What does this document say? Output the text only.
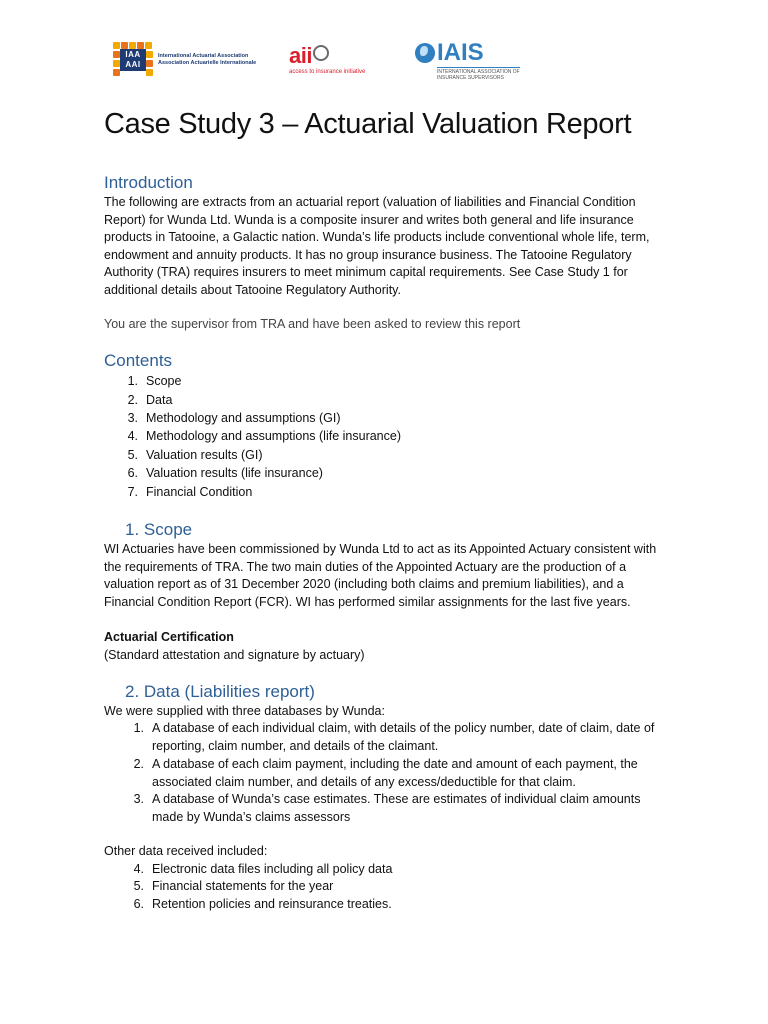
IAA AAI
International Actuarial Association
Association Actuarielle Internationale aii
access to insurance initiative
IAIS
INTERNATIONAL ASSOCIATION OF
INSURANCE SUPERVISORS
Case Study 3 – Actuarial Valuation Report
Introduction

The following are extracts from an actuarial report (valuation of liabilities and Financial Condition Report) for Wunda Ltd. Wunda is a composite insurer and writes both general and life insurance products in Tatooine, a Galactic nation. Wunda’s life products include conventional whole life, term, endowment and annuity products. It has no group insurance business. The Tatooine Regulatory Authority (TRA) requires insurers to meet minimum capital requirements. See Case Study 1 for additional details about Tatooine Regulatory Authority.

You are the supervisor from TRA and have been asked to review this report

Contents
1. Scope
2. Data
3. Methodology and assumptions (GI)
4. Methodology and assumptions (life insurance)
5. Valuation results (GI)
6. Valuation results (life insurance)
7. Financial Condition
1. Scope

WI Actuaries have been commissioned by Wunda Ltd to act as its Appointed Actuary consistent with the requirements of TRA. The two main duties of the Appointed Actuary are the production of a valuation report as of 31 December 2020 (including both claims and premium liabilities), and a Financial Condition Report (FCR). WI has performed similar assignments for the last five years.

Actuarial Certification

(Standard attestation and signature by actuary)

2. Data (Liabilities report)

We were supplied with three databases by Wunda:

1. A database of each individual claim, with details of the policy number, date of claim, date of reporting, claim number, and details of the claimant.
2. A database of each claim payment, including the date and amount of each payment, the associated claim number, and details of any excess/deductible for that claim.
3. A database of Wunda’s case estimates. These are estimates of individual claim amounts made by Wunda’s claims assessors

Other data received included:

4. Electronic data files including all policy data
5. Financial statements for the year
6. Retention policies and reinsurance treaties.
